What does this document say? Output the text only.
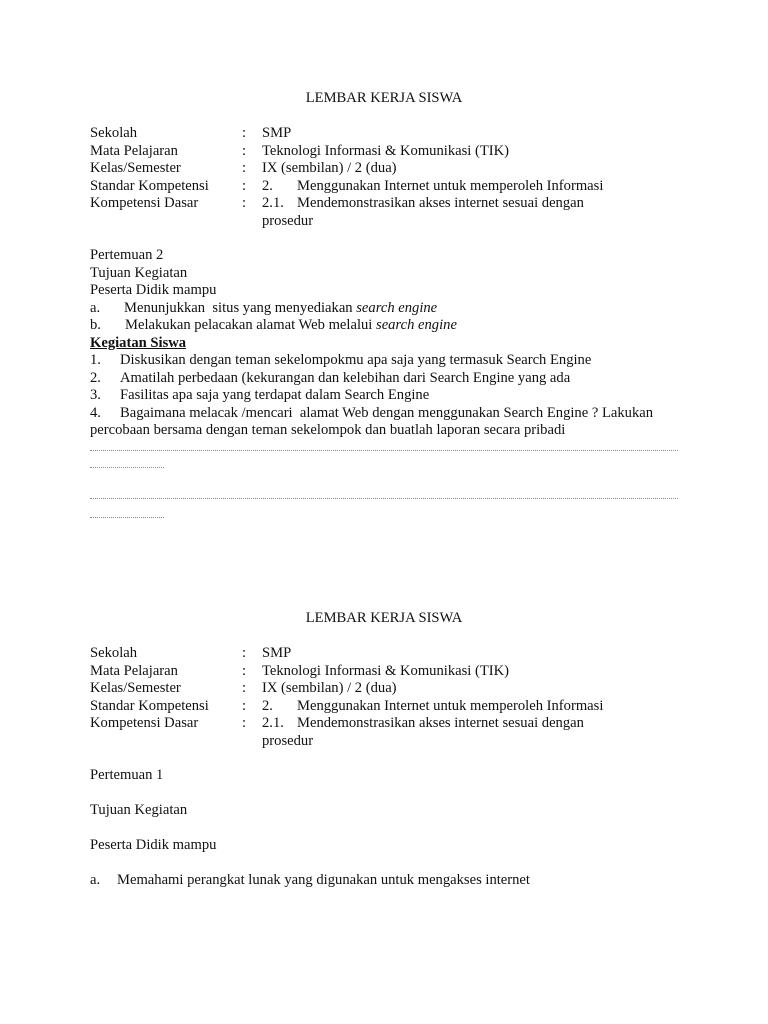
LEMBAR KERJA SISWA
Sekolah	: SMP
Mata Pelajaran	: Teknologi Informasi & Komunikasi (TIK)
Kelas/Semester	: IX (sembilan) / 2 (dua)
Standar Kompetensi : 2. Menggunakan Internet untuk memperoleh Informasi
Kompetensi Dasar	: 2.1. Mendemonstrasikan akses internet sesuai dengan
prosedur
Pertemuan 2
Tujuan Kegiatan
Peserta Didik mampu
a. Menunjukkan  situs yang menyediakan search engine
b. Melakukan pelacakan alamat Web melalui search engine
Kegiatan Siswa
1. Diskusikan dengan teman sekelompokmu apa saja yang termasuk Search Engine
2. Amatilah perbedaan (kekurangan dan kelebihan dari Search Engine yang ada
3. Fasilitas apa saja yang terdapat dalam Search Engine
4. Bagaimana melacak /mencari  alamat Web dengan menggunakan Search Engine ? Lakukan
percobaan bersama dengan teman sekelompok dan buatlah laporan secara pribadi
LEMBAR KERJA SISWA
Sekolah	: SMP
Mata Pelajaran	: Teknologi Informasi & Komunikasi (TIK)
Kelas/Semester	: IX (sembilan) / 2 (dua)
Standar Kompetensi : 2. Menggunakan Internet untuk memperoleh Informasi
Kompetensi Dasar	: 2.1. Mendemonstrasikan akses internet sesuai dengan
prosedur
Pertemuan 1
Tujuan Kegiatan
Peserta Didik mampu
a. Memahami perangkat lunak yang digunakan untuk mengakses internet
